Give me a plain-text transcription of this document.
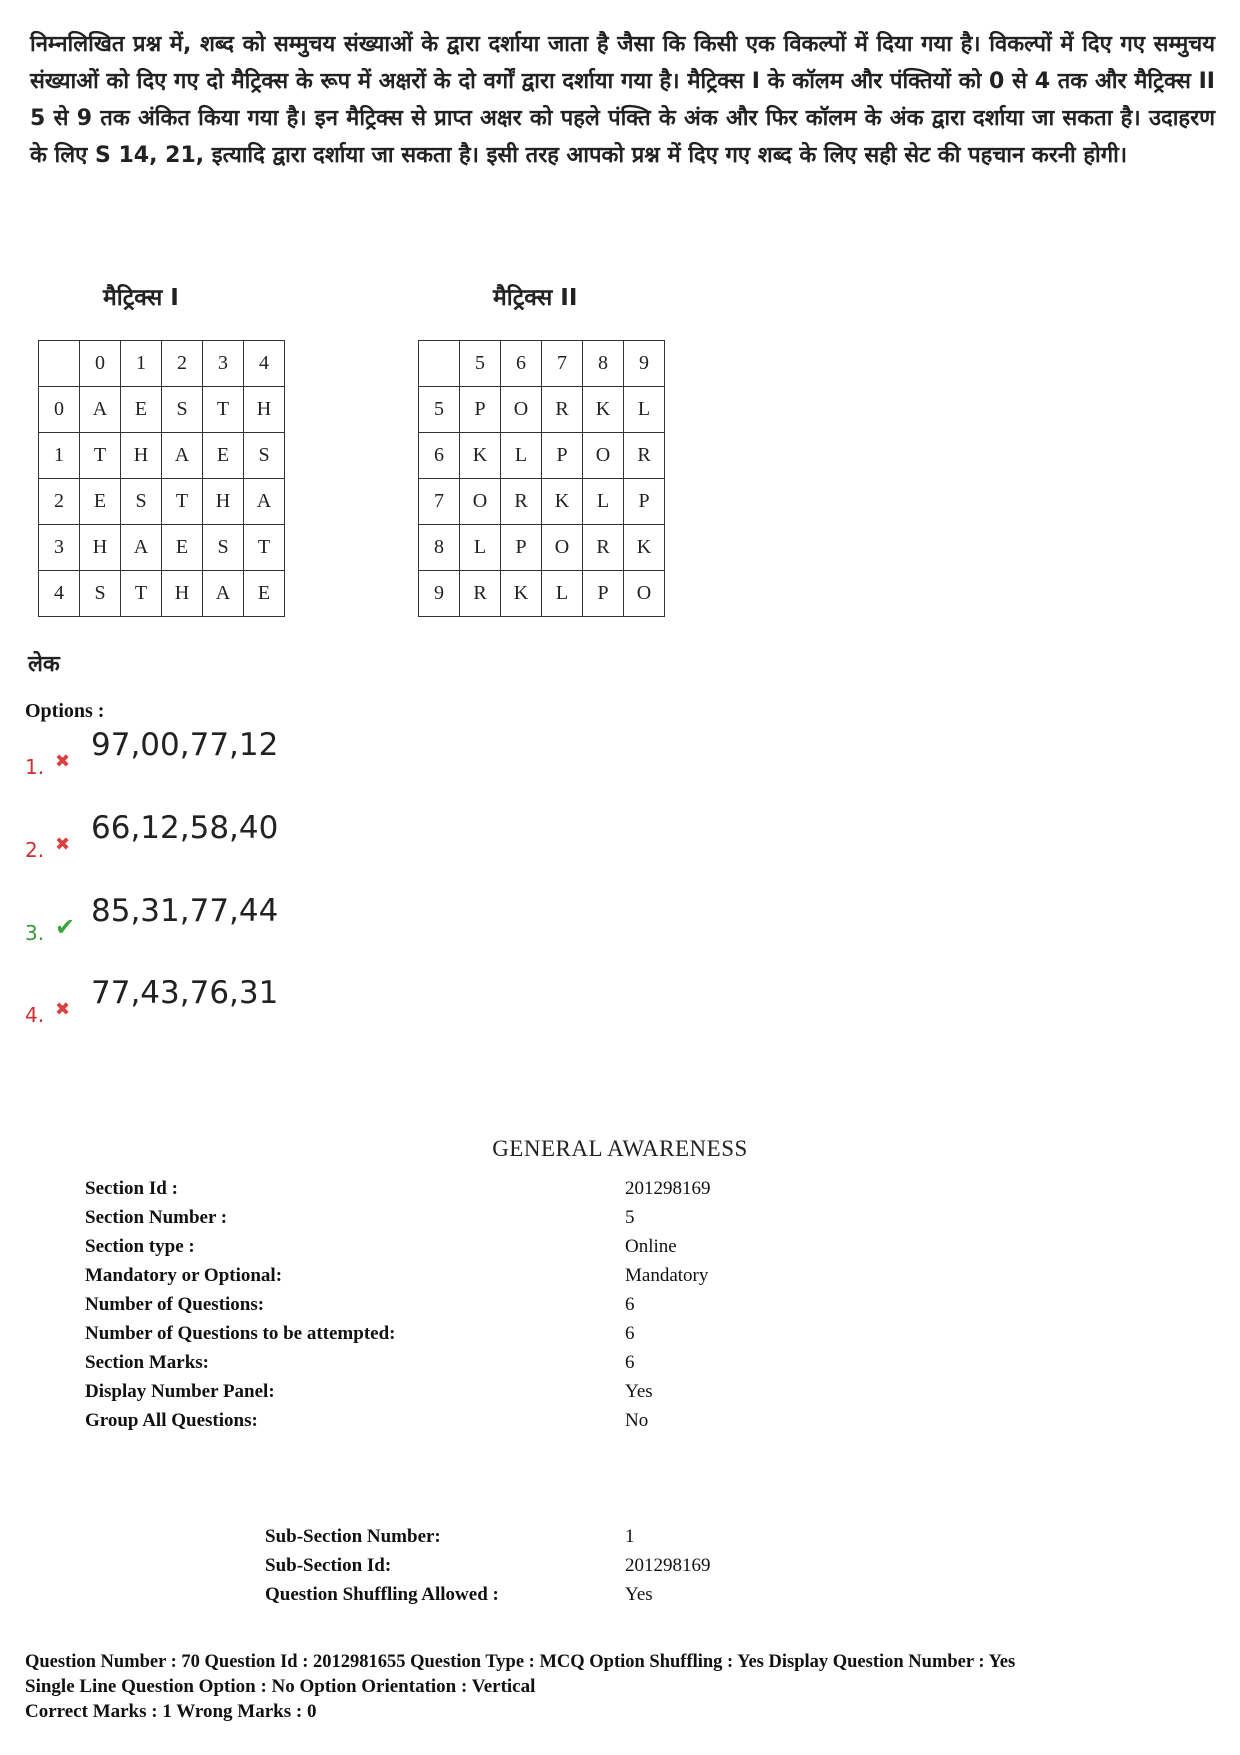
निम्नलिखित प्रश्न में, शब्द को सम्मुचय संख्याओं के द्वारा दर्शाया जाता है जैसा कि किसी एक विकल्पों में दिया गया है। विकल्पों में दिए गए सम्मुचय संख्याओं को दिए गए दो मैट्रिक्स के रूप में अक्षरों के दो वर्गों द्वारा दर्शाया गया है। मैट्रिक्स I के कॉलम और पंक्तियों को 0 से 4 तक और मैट्रिक्स II 5 से 9 तक अंकित किया गया है। इन मैट्रिक्स से प्राप्त अक्षर को पहले पंक्ति के अंक और फिर कॉलम के अंक द्वारा दर्शाया जा सकता है। उदाहरण के लिए S 14, 21, इत्यादि द्वारा दर्शाया जा सकता है। इसी तरह आपको प्रश्न में दिए गए शब्द के लिए सही सेट की पहचान करनी होगी।
मैट्रिक्स I	मैट्रिक्स II
	0	1	2	3	4
0	A	E	S	T	H
1	T	H	A	E	S
2	E	S	T	H	A
3	H	A	E	S	T
4	S	T	H	A	E
	5	6	7	8	9
5	P	O	R	K	L
6	K	L	P	O	R
7	O	R	K	L	P
8	L	P	O	R	K
9	R	K	L	P	O
लेक
Options :
1. ✖ 97,00,77,12
2. ✖ 66,12,58,40
3. ✔ 85,31,77,44
4. ✖ 77,43,76,31
GENERAL AWARENESS
Section Id :	201298169
Section Number :	5
Section type :	Online
Mandatory or Optional:	Mandatory
Number of Questions:	6
Number of Questions to be attempted:	6
Section Marks:	6
Display Number Panel:	Yes
Group All Questions:	No
Sub-Section Number:	1
Sub-Section Id:	201298169
Question Shuffling Allowed :	Yes
Question Number : 70 Question Id : 2012981655 Question Type : MCQ Option Shuffling : Yes Display Question Number : Yes
Single Line Question Option : No Option Orientation : Vertical
Correct Marks : 1 Wrong Marks : 0
